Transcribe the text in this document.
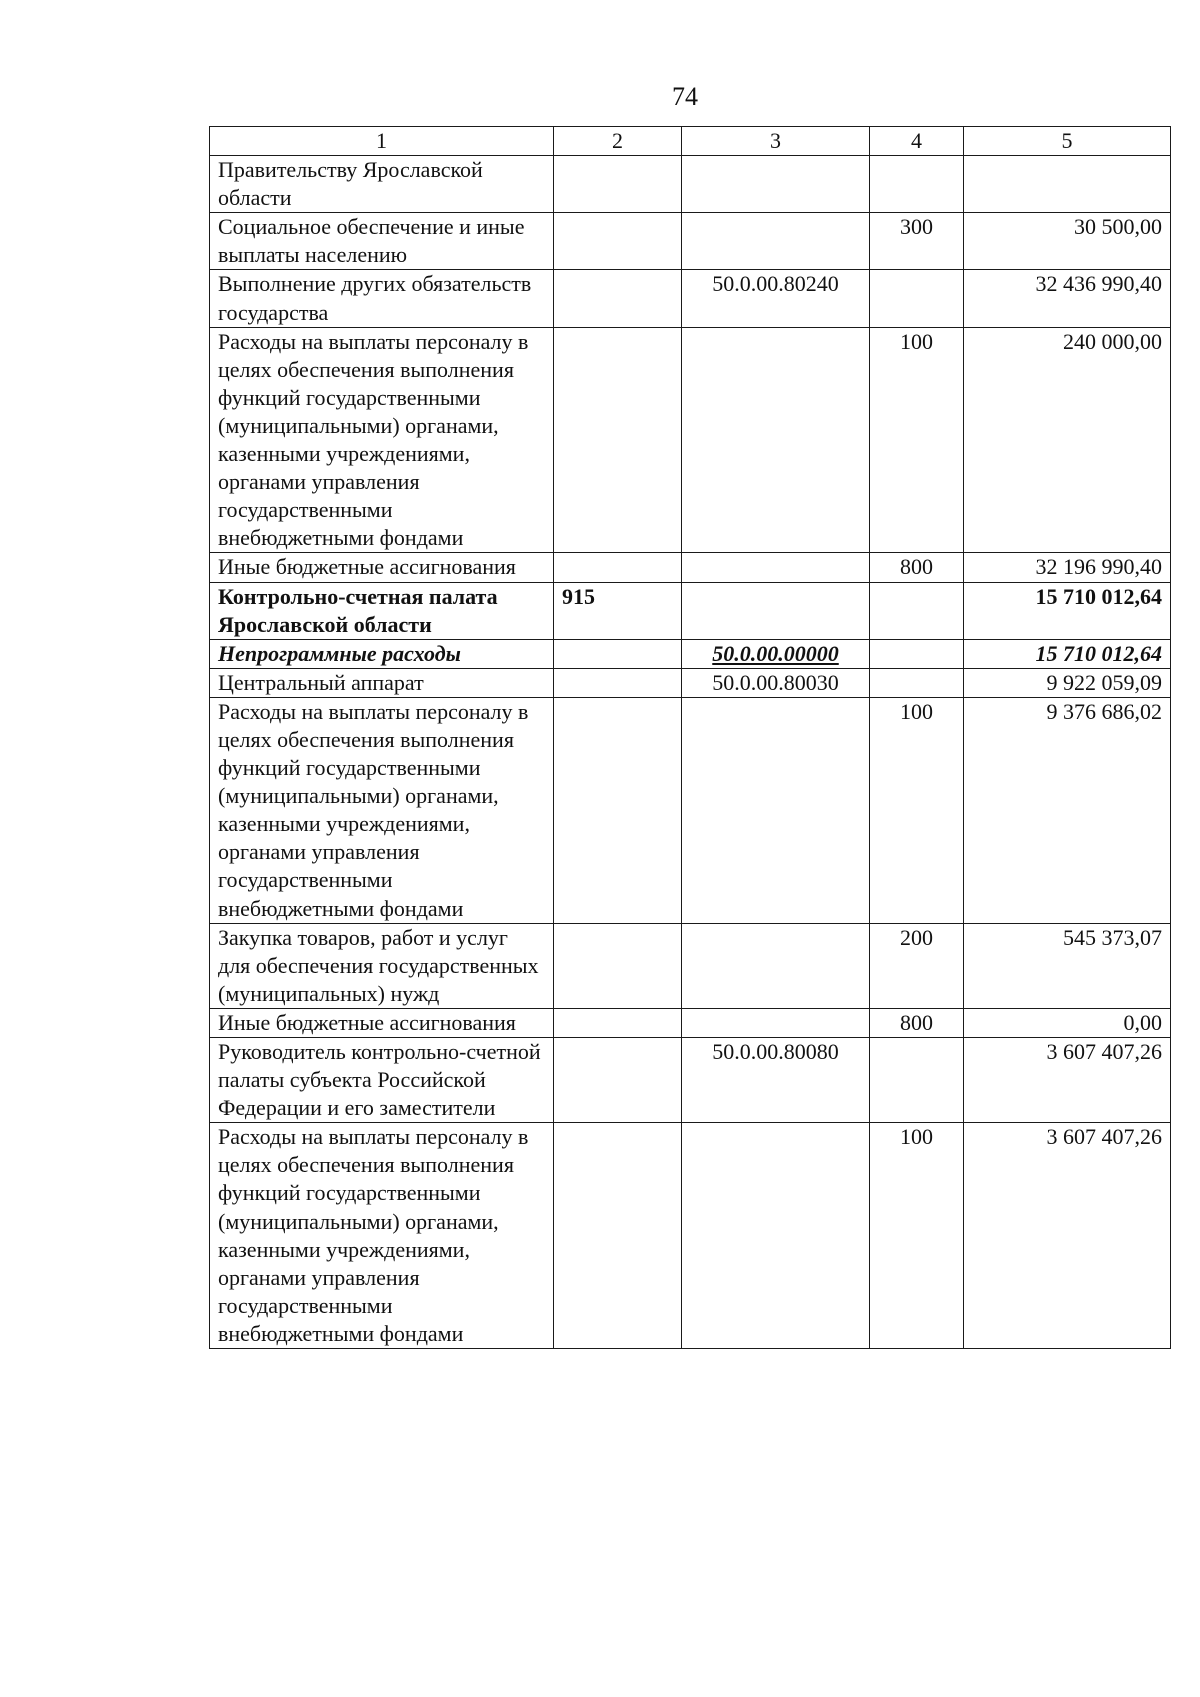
74
1	2	3	4	5
Правительству Ярославской области				
Социальное обеспечение и иные выплаты населению			300	30 500,00
Выполнение других обязательств государства		50.0.00.80240		32 436 990,40
Расходы на выплаты персоналу в целях обеспечения выполнения функций государственными (муниципальными) органами, казенными учреждениями, органами управления государственными внебюджетными фондами			100	240 000,00
Иные бюджетные ассигнования			800	32 196 990,40
Контрольно-счетная палата Ярославской области	915			15 710 012,64
Непрограммные расходы		50.0.00.00000		15 710 012,64
Центральный аппарат		50.0.00.80030		9 922 059,09
Расходы на выплаты персоналу в целях обеспечения выполнения функций государственными (муниципальными) органами, казенными учреждениями, органами управления государственными внебюджетными фондами			100	9 376 686,02
Закупка товаров, работ и услуг для обеспечения государственных (муниципальных) нужд			200	545 373,07
Иные бюджетные ассигнования			800	0,00
Руководитель контрольно-счетной палаты субъекта Российской Федерации и его заместители		50.0.00.80080		3 607 407,26
Расходы на выплаты персоналу в целях обеспечения выполнения функций государственными (муниципальными) органами, казенными учреждениями, органами управления государственными внебюджетными фондами			100	3 607 407,26
